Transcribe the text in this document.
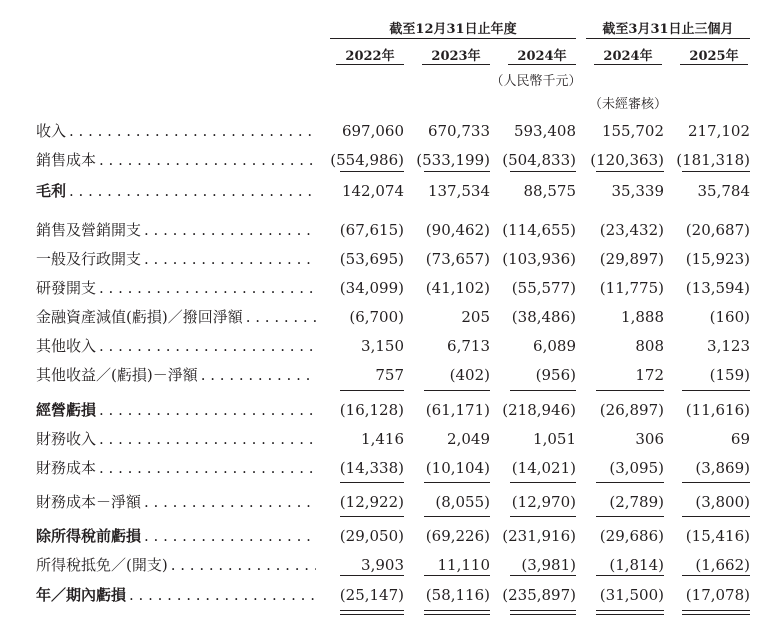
截至12月31日止年度	截至3月31日止三個月
2022年	2023年	2024年	2024年	2025年
（人民幣千元）
（未經審核）
收入 . . .	697,060	670,733	593,408	155,702	217,102
銷售成本 . . .	(554,986) (533,199) (504,833) (120,363) (181,318)
毛利 . . .	142,074	137,534	88,575	35,339	35,784
銷售及營銷開支 . . .	(67,615)	(90,462) (114,655)	(23,432)	(20,687)
一般及行政開支 . . .	(53,695)	(73,657) (103,936)	(29,897)	(15,923)
研發開支 . . .	(34,099)	(41,102)	(55,577)	(11,775)	(13,594)
金融資產減值(虧損)／撥回淨額 . . .	(6,700)	205	(38,486)	1,888	(160)
其他收入 . . .	3,150	6,713	6,089	808	3,123
其他收益／(虧損)－淨額 . . .	757	(402)	(956)	172	(159)
經營虧損 . . .	(16,128)	(61,171) (218,946)	(26,897)	(11,616)
財務收入 . . .	1,416	2,049	1,051	306	69
財務成本 . . .	(14,338)	(10,104)	(14,021)	(3,095)	(3,869)
財務成本－淨額 . . .	(12,922)	(8,055)	(12,970)	(2,789)	(3,800)
除所得稅前虧損 . . .	(29,050)	(69,226) (231,916)	(29,686)	(15,416)
所得稅抵免／(開支) . . .	3,903	11,110	(3,981)	(1,814)	(1,662)
年／期內虧損 . . .	(25,147)	(58,116) (235,897)	(31,500)	(17,078)
